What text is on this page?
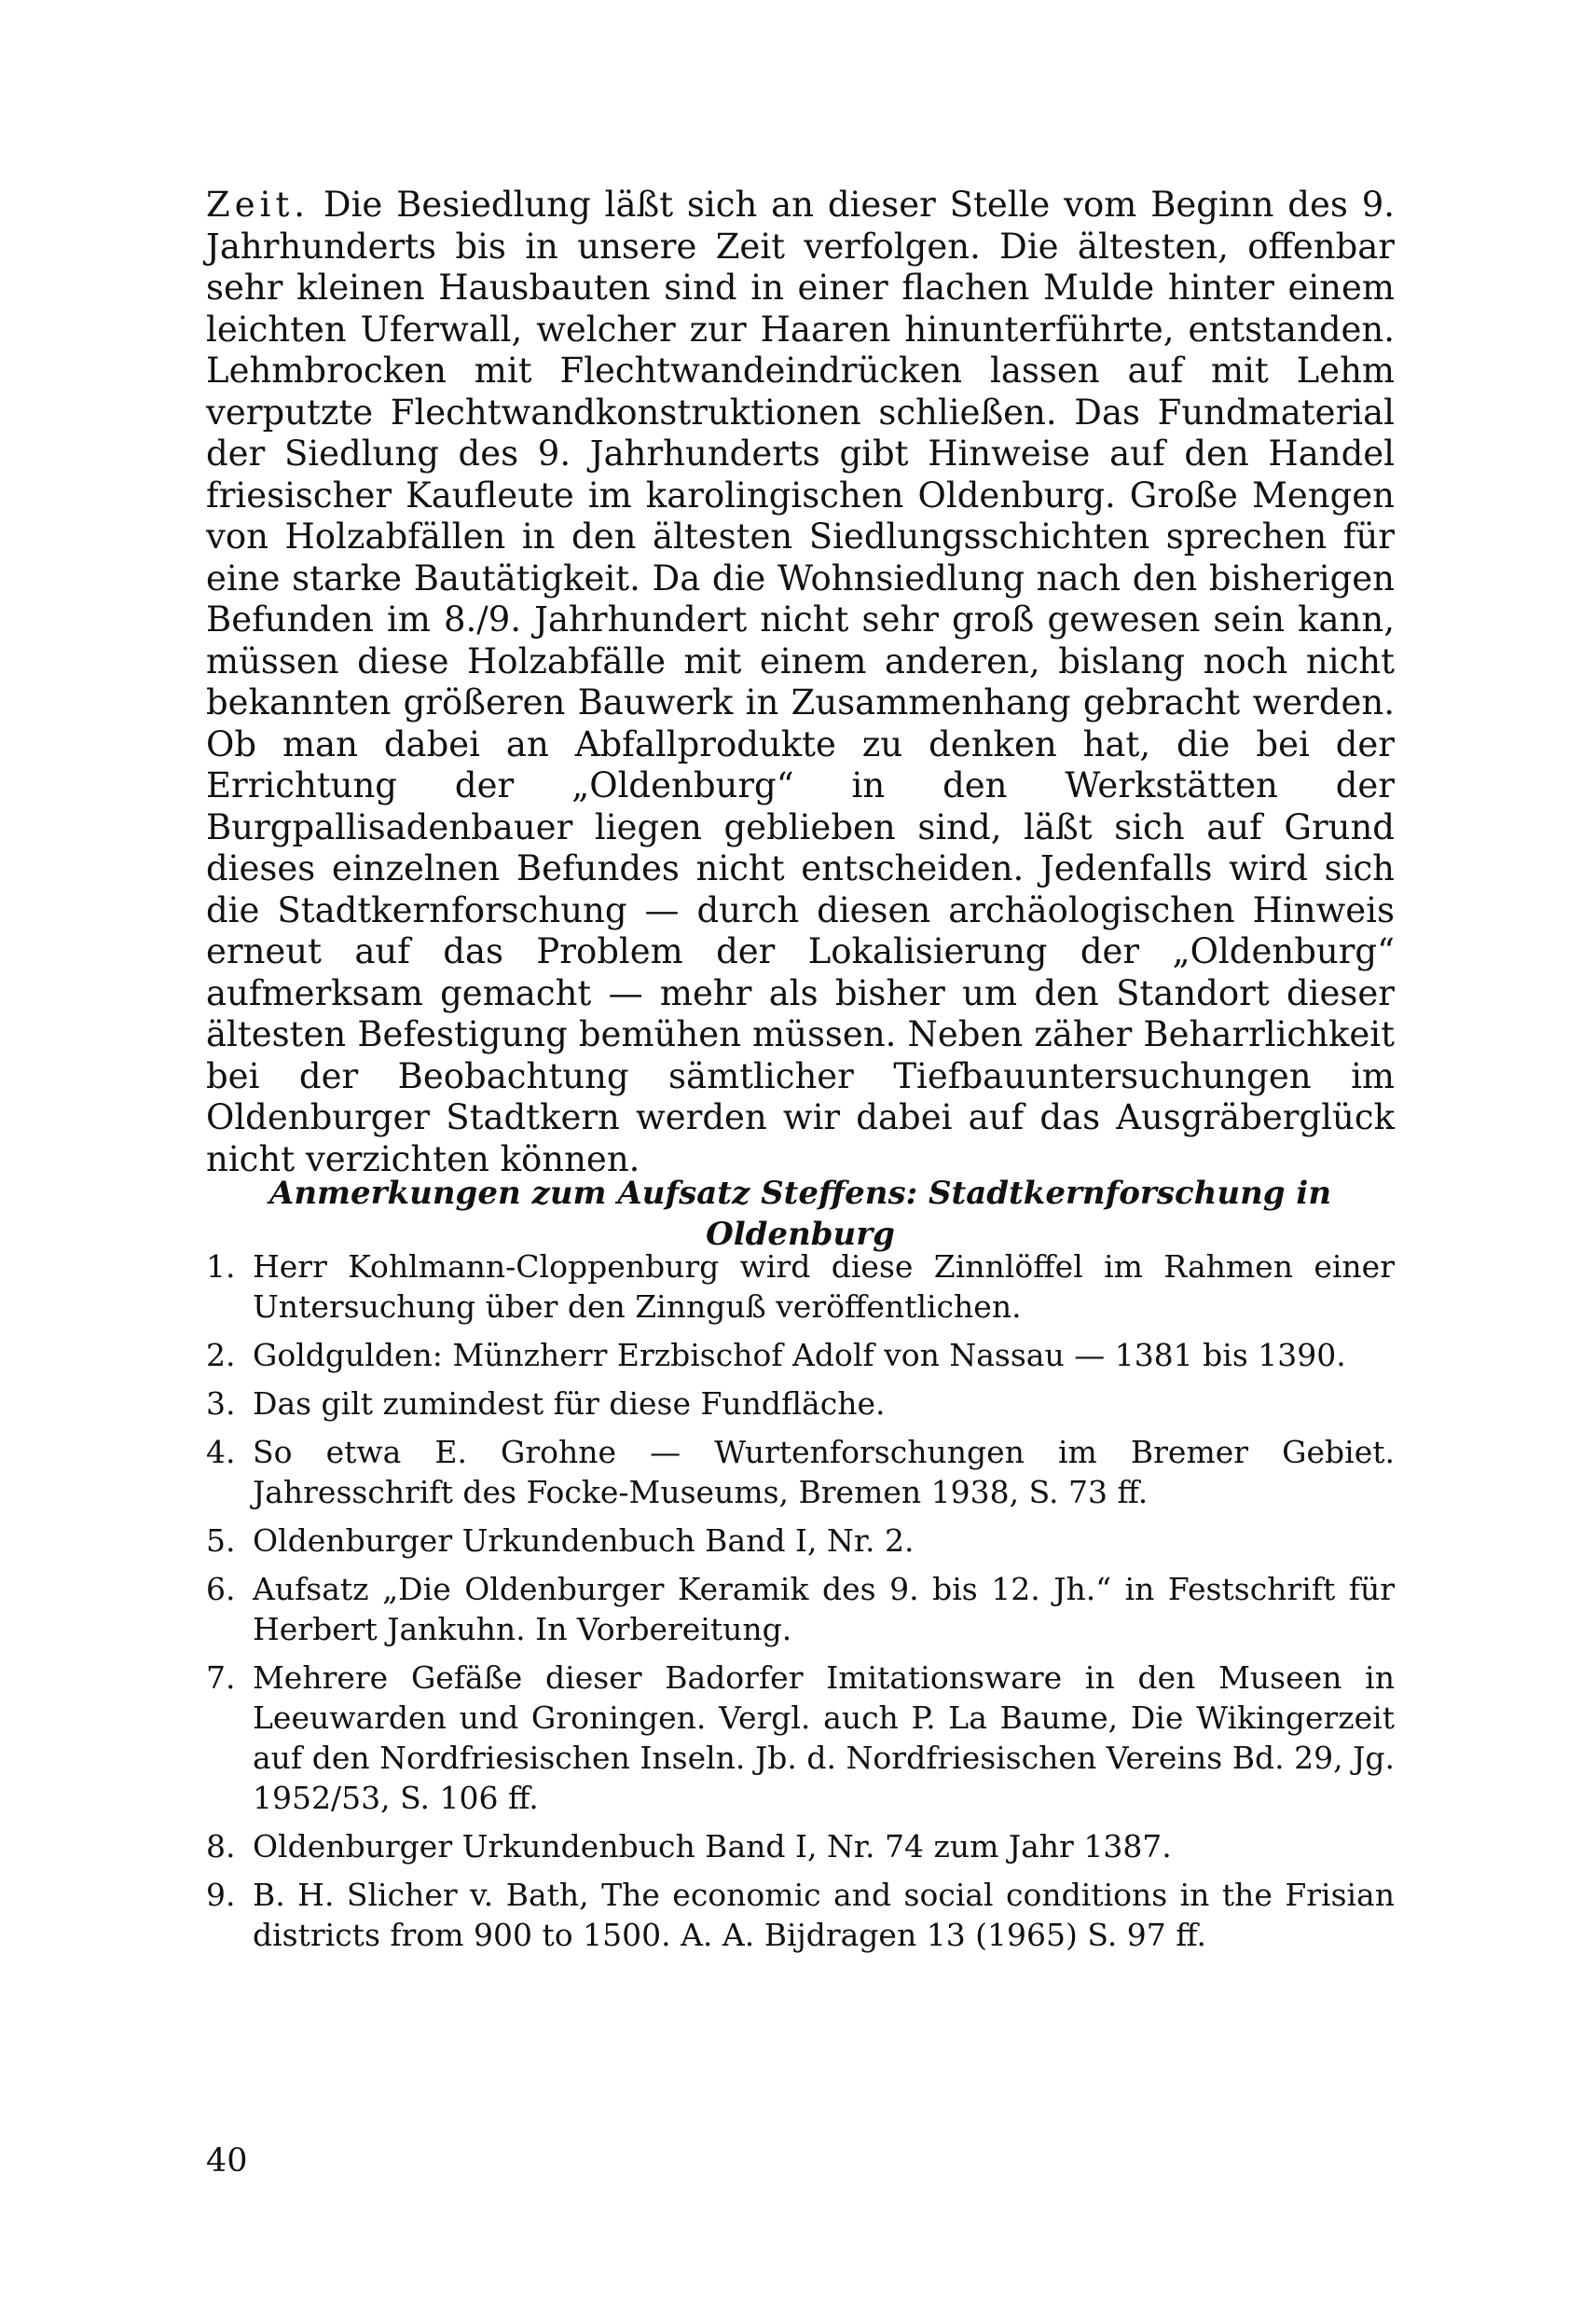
Zeit. Die Besiedlung läßt sich an dieser Stelle vom Beginn des 9. Jahrhunderts bis in unsere Zeit verfolgen. Die ältesten, offenbar sehr kleinen Hausbauten sind in einer flachen Mulde hinter einem leichten Uferwall, welcher zur Haaren hinunterführte, entstanden. Lehmbrocken mit Flechtwandeindrücken lassen auf mit Lehm verputzte Flechtwandkonstruktionen schließen. Das Fundmaterial der Siedlung des 9. Jahrhunderts gibt Hinweise auf den Handel friesischer Kaufleute im karolingischen Oldenburg. Große Mengen von Holzabfällen in den ältesten Siedlungsschichten sprechen für eine starke Bautätigkeit. Da die Wohnsiedlung nach den bisherigen Befunden im 8./9. Jahrhundert nicht sehr groß gewesen sein kann, müssen diese Holzabfälle mit einem anderen, bislang noch nicht bekannten größeren Bauwerk in Zusammenhang gebracht werden. Ob man dabei an Abfallprodukte zu denken hat, die bei der Errichtung der „Oldenburg“ in den Werkstätten der Burgpallisadenbauer liegen geblieben sind, läßt sich auf Grund dieses einzelnen Befundes nicht entscheiden. Jedenfalls wird sich die Stadtkernforschung — durch diesen archäologischen Hinweis erneut auf das Problem der Lokalisierung der „Oldenburg“ aufmerksam gemacht — mehr als bisher um den Standort dieser ältesten Befestigung bemühen müssen. Neben zäher Beharrlichkeit bei der Beobachtung sämtlicher Tiefbauuntersuchungen im Oldenburger Stadtkern werden wir dabei auf das Ausgräberglück nicht verzichten können.

Anmerkungen zum Aufsatz Steffens: Stadtkernforschung in Oldenburg
1. Herr Kohlmann-Cloppenburg wird diese Zinnlöffel im Rahmen einer Untersuchung über den Zinnguß veröffentlichen.
2. Goldgulden: Münzherr Erzbischof Adolf von Nassau — 1381 bis 1390.
3. Das gilt zumindest für diese Fundfläche.
4. So etwa E. Grohne — Wurtenforschungen im Bremer Gebiet. Jahresschrift des Focke-Museums, Bremen 1938, S. 73 ff.
5. Oldenburger Urkundenbuch Band I, Nr. 2.
6. Aufsatz „Die Oldenburger Keramik des 9. bis 12. Jh.“ in Festschrift für Herbert Jankuhn. In Vorbereitung.
7. Mehrere Gefäße dieser Badorfer Imitationsware in den Museen in Leeuwarden und Groningen. Vergl. auch P. La Baume, Die Wikingerzeit auf den Nordfriesischen Inseln. Jb. d. Nordfriesischen Vereins Bd. 29, Jg. 1952/53, S. 106 ff.
8. Oldenburger Urkundenbuch Band I, Nr. 74 zum Jahr 1387.
9. B. H. Slicher v. Bath, The economic and social conditions in the Frisian districts from 900 to 1500. A. A. Bijdragen 13 (1965) S. 97 ff.

40
